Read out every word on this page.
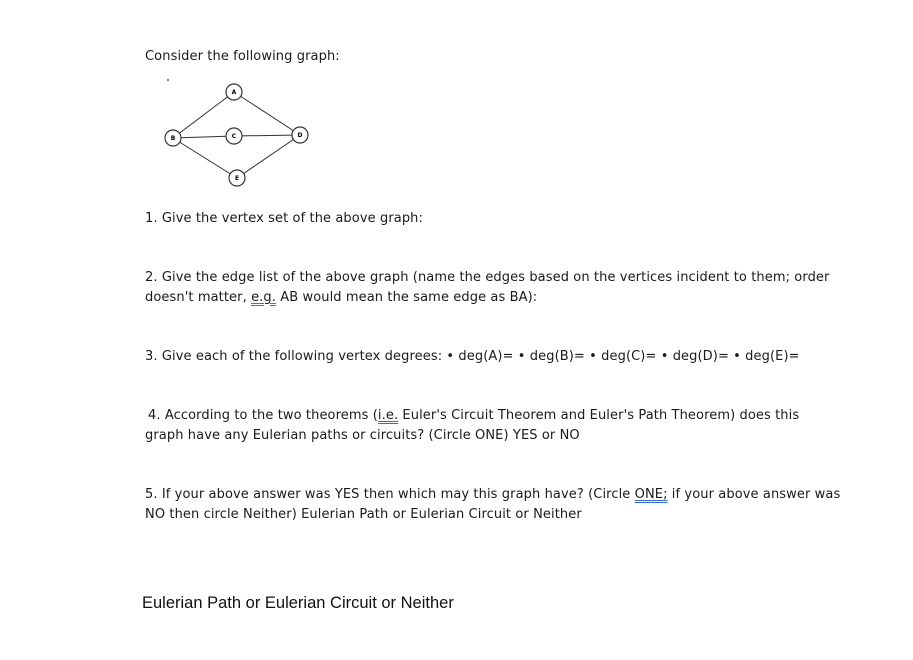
Consider the following graph:

A
B	C	D
E

1. Give the vertex set of the above graph:

2. Give the edge list of the above graph (name the edges based on the vertices incident to them; order
doesn't matter, e.g. AB would mean the same edge as BA):

3. Give each of the following vertex degrees: • deg(A)= • deg(B)= • deg(C)= • deg(D)= • deg(E)=

4. According to the two theorems (i.e. Euler's Circuit Theorem and Euler's Path Theorem) does this
graph have any Eulerian paths or circuits? (Circle ONE) YES or NO
5. If your above answer was YES then which may this graph have? (Circle ONE; if your above answer was
NO then circle Neither) Eulerian Path or Eulerian Circuit or Neither
Eulerian Path or Eulerian Circuit or Neither
